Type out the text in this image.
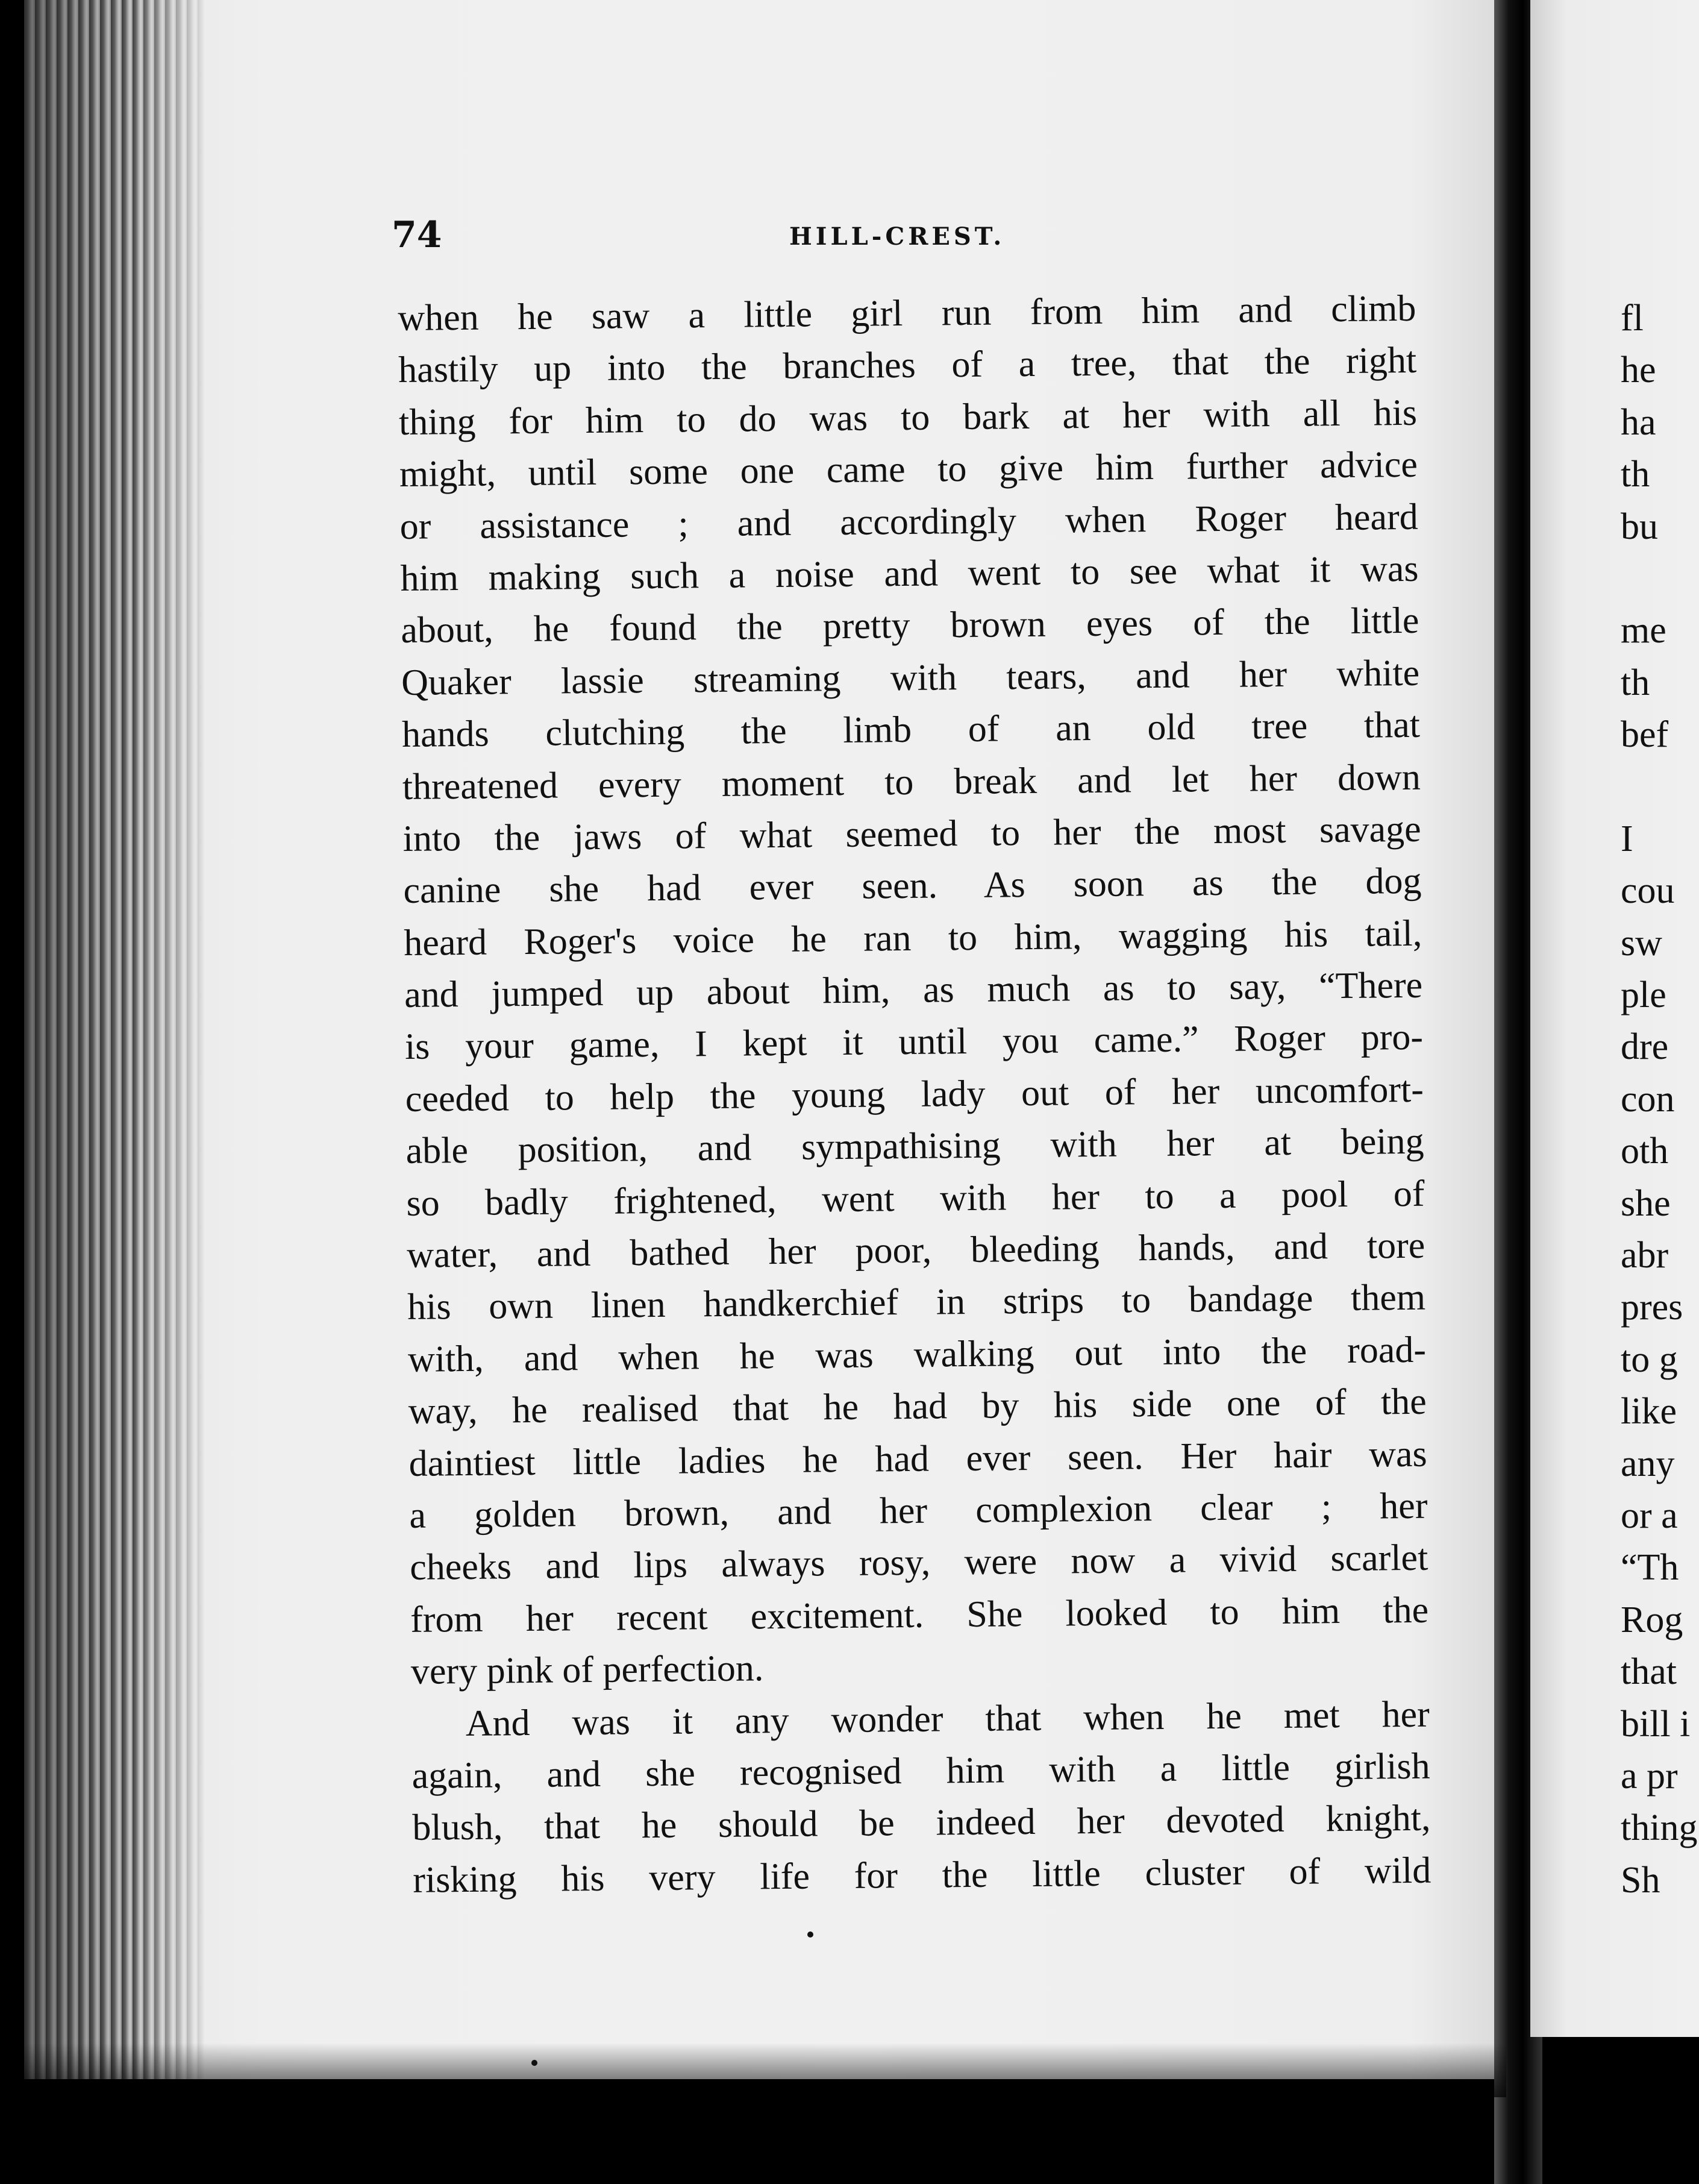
74	HILL-CREST.
when he saw a little girl run from him and climb
hastily up into the branches of a tree, that the right
thing for him to do was to bark at her with all his
might, until some one came to give him further advice
or assistance ; and accordingly when Roger heard
him making such a noise and went to see what it was
about, he found the pretty brown eyes of the little
Quaker lassie streaming with tears, and her white
hands clutching the limb of an old tree that
threatened every moment to break and let her down
into the jaws of what seemed to her the most savage
canine she had ever seen. As soon as the dog
heard Roger's voice he ran to him, wagging his tail,
and jumped up about him, as much as to say, “There
is your game, I kept it until you came.” Roger pro-
ceeded to help the young lady out of her uncomfort-
able position, and sympathising with her at being
so badly frightened, went with her to a pool of
water, and bathed her poor, bleeding hands, and tore
his own linen handkerchief in strips to bandage them
with, and when he was walking out into the road-
way, he realised that he had by his side one of the
daintiest little ladies he had ever seen. Her hair was
a golden brown, and her complexion clear ; her
cheeks and lips always rosy, were now a vivid scarlet
from her recent excitement. She looked to him the
very pink of perfection.
And was it any wonder that when he met her
again, and she recognised him with a little girlish
blush, that he should be indeed her devoted knight,
risking his very life for the little cluster of wild
fl
he
ha
th
bu
me
th
bef
I
cou
sw
ple
dre
con
oth
she
abr
pres
to g
like
any
or a
“Th
Rog
that
bill i
a pr
thing
Sh
